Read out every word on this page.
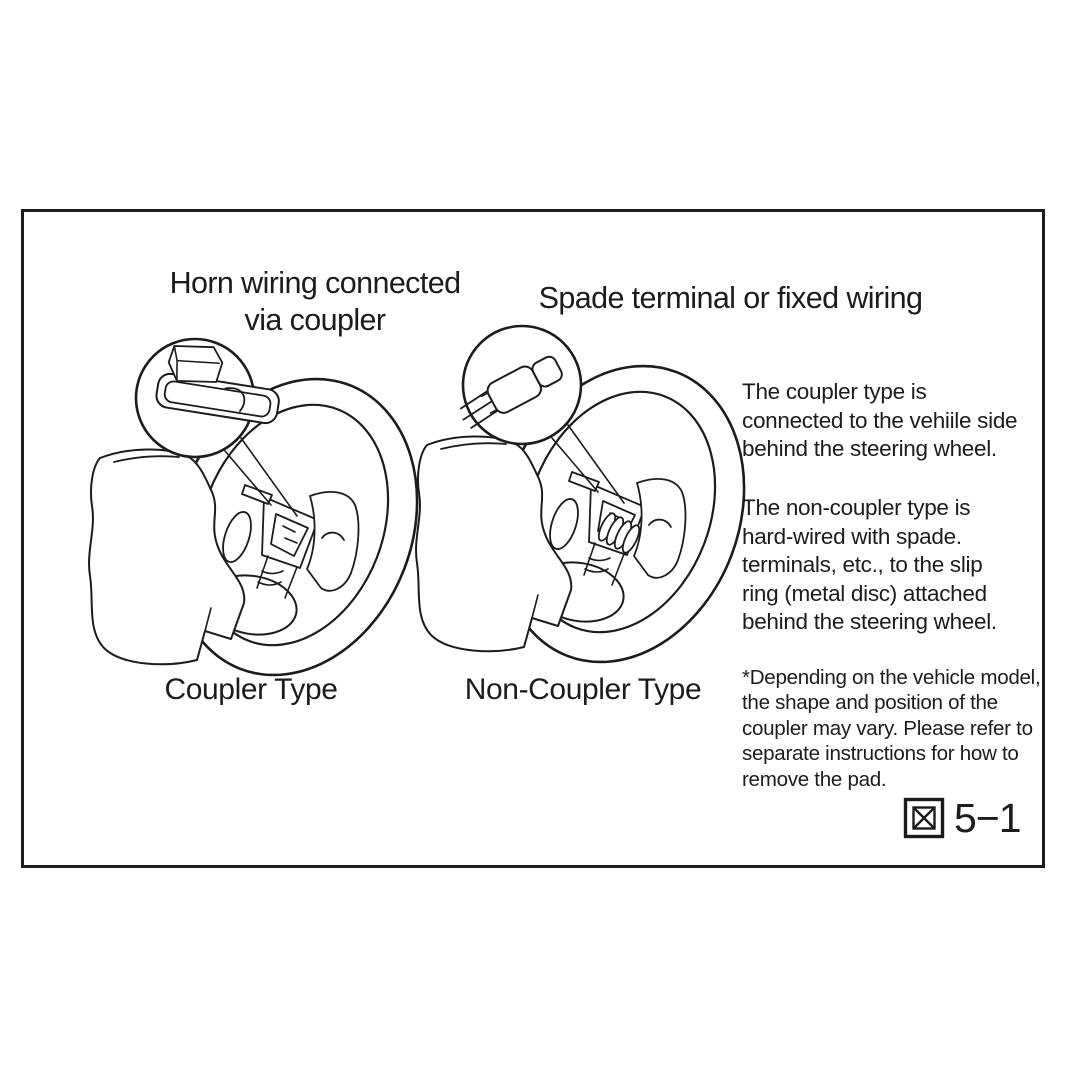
Horn wiring connected
via coupler
Spade terminal or fixed wiring
Coupler Type	Non-Coupler Type
The coupler type is
connected to the vehiile side
behind the steering wheel.
The non-coupler type is
hard-wired with spade.
terminals, etc., to the slip
ring (metal disc) attached
behind the steering wheel.
*Depending on the vehicle model,
the shape and position of the
coupler may vary. Please refer to
separate instructions for how to
remove the pad.
5−1
